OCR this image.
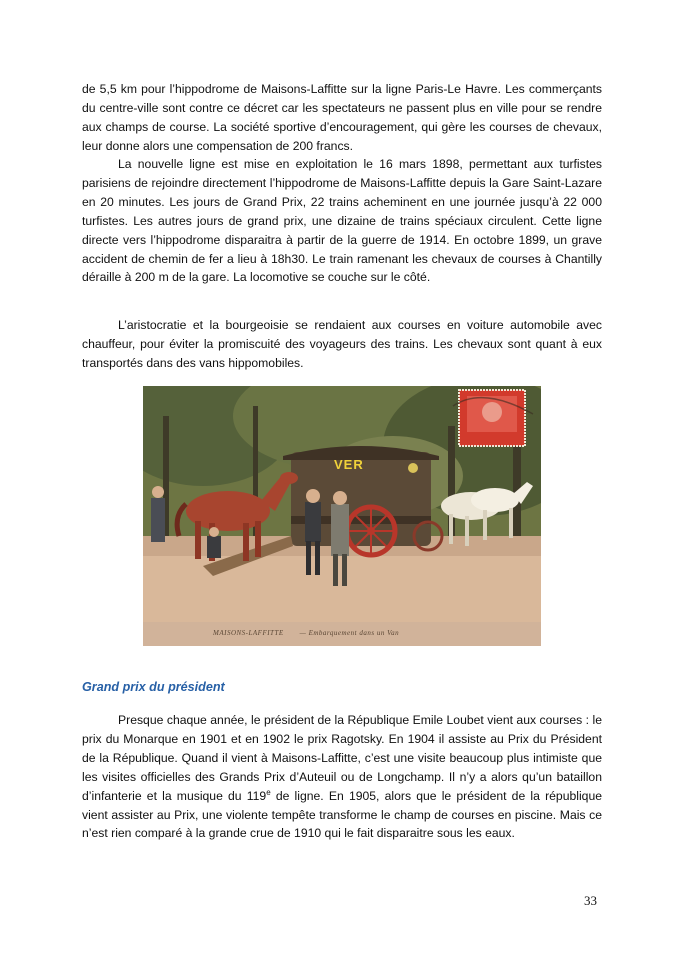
de 5,5 km pour l’hippodrome de Maisons-Laffitte sur la ligne Paris-Le Havre. Les commerçants du centre-ville sont contre ce décret car les spectateurs ne passent plus en ville pour se rendre aux champs de course. La société sportive d’encouragement, qui gère les courses de chevaux, leur donne alors une compensation de 200 francs.

La nouvelle ligne est mise en exploitation le 16 mars 1898, permettant aux turfistes parisiens de rejoindre directement l’hippodrome de Maisons-Laffitte depuis la Gare Saint-Lazare en 20 minutes. Les jours de Grand Prix, 22 trains acheminent en une journée jusqu’à 22 000 turfistes. Les autres jours de grand prix, une dizaine de trains spéciaux circulent. Cette ligne directe vers l’hippodrome disparaitra à partir de la guerre de 1914. En octobre 1899, un grave accident de chemin de fer a lieu à 18h30. Le train ramenant les chevaux de courses à Chantilly déraille à 200 m de la gare. La locomotive se couche sur le côté.

L’aristocratie et la bourgeoisie se rendaient aux courses en voiture automobile avec chauffeur, pour éviter la promiscuité des voyageurs des trains. Les chevaux sont quant à eux transportés dans des vans hippomobiles.

VER
MAISONS-LAFFITTE — Embarquement dans un Van
Grand prix du président

Presque chaque année, le président de la République Emile Loubet vient aux courses : le prix du Monarque en 1901 et en 1902 le prix Ragotsky. En 1904 il assiste au Prix du Président de la République. Quand il vient à Maisons-Laffitte, c’est une visite beaucoup plus intimiste que les visites officielles des Grands Prix d’Auteuil ou de Longchamp. Il n’y a alors qu’un bataillon d’infanterie et la musique du 119e de ligne. En 1905, alors que le président de la république vient assister au Prix, une violente tempête transforme le champ de courses en piscine. Mais ce n’est rien comparé à la grande crue de 1910 qui le fait disparaitre sous les eaux.

33
